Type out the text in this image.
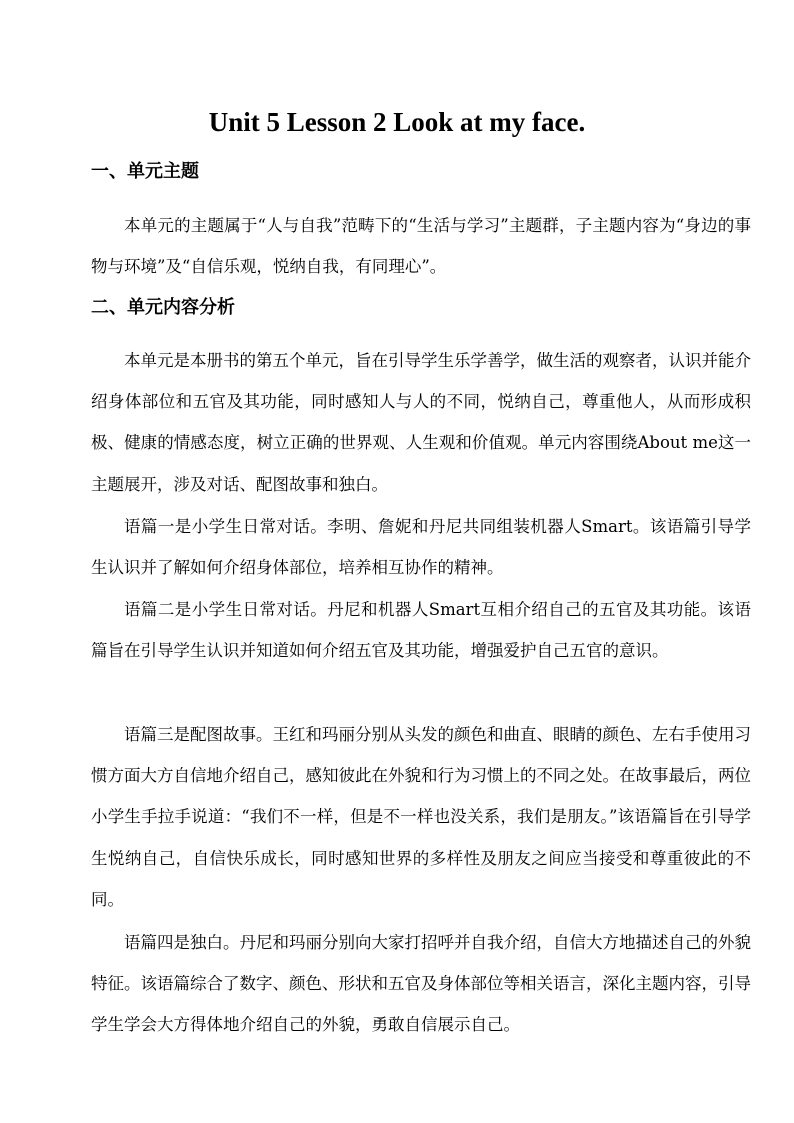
Unit 5 Lesson 2 Look at my face.
一、单元主题

本单元的主题属于“人与自我”范畴下的“生活与学习”主题群，子主题内容为“身边的事物与环境”及“自信乐观，悦纳自我，有同理心”。

二、单元内容分析

本单元是本册书的第五个单元，旨在引导学生乐学善学，做生活的观察者，认识并能介绍身体部位和五官及其功能，同时感知人与人的不同，悦纳自己，尊重他人，从而形成积极、健康的情感态度，树立正确的世界观、人生观和价值观。单元内容围绕About me这一主题展开，涉及对话、配图故事和独白。

语篇一是小学生日常对话。李明、詹妮和丹尼共同组装机器人Smart。该语篇引导学生认识并了解如何介绍身体部位，培养相互协作的精神。

语篇二是小学生日常对话。丹尼和机器人Smart互相介绍自己的五官及其功能。该语篇旨在引导学生认识并知道如何介绍五官及其功能，增强爱护自己五官的意识。

语篇三是配图故事。王红和玛丽分别从头发的颜色和曲直、眼睛的颜色、左右手使用习惯方面大方自信地介绍自己，感知彼此在外貌和行为习惯上的不同之处。在故事最后，两位小学生手拉手说道：“我们不一样，但是不一样也没关系，我们是朋友。”该语篇旨在引导学生悦纳自己，自信快乐成长，同时感知世界的多样性及朋友之间应当接受和尊重彼此的不同。

语篇四是独白。丹尼和玛丽分别向大家打招呼并自我介绍，自信大方地描述自己的外貌特征。该语篇综合了数字、颜色、形状和五官及身体部位等相关语言，深化主题内容，引导学生学会大方得体地介绍自己的外貌，勇敢自信展示自己。
